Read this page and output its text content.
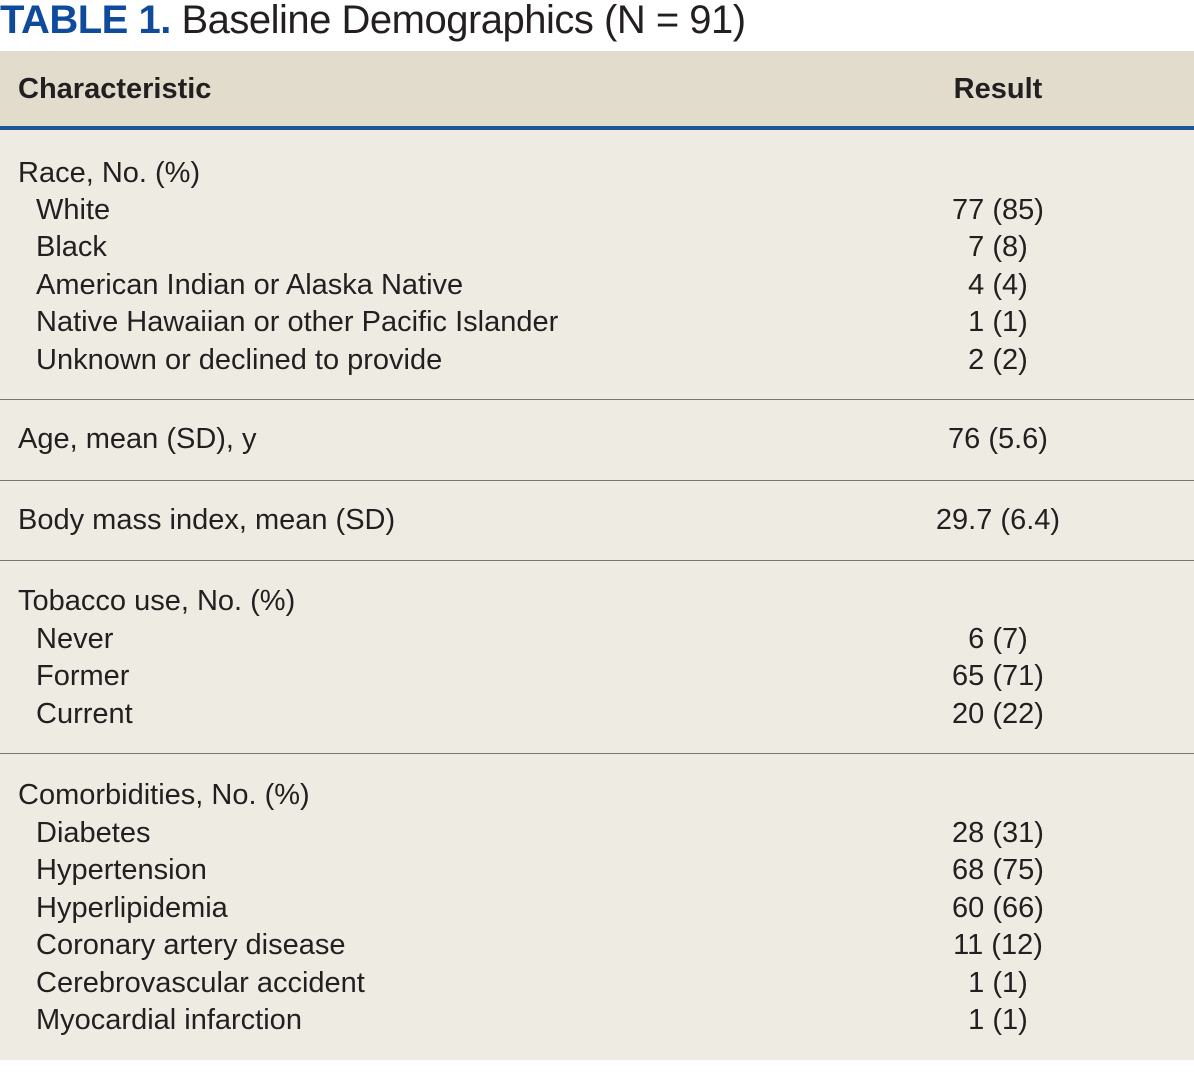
TABLE 1. Baseline Demographics (N = 91)
Characteristic	Result
Race, No. (%)
White	77 (85)
Black	7 (8)
American Indian or Alaska Native	4 (4)
Native Hawaiian or other Pacific Islander	1 (1)
Unknown or declined to provide	2 (2)
Age, mean (SD), y	76 (5.6)
Body mass index, mean (SD)	29.7 (6.4)
Tobacco use, No. (%)
Never	6 (7)
Former	65 (71)
Current	20 (22)
Comorbidities, No. (%)
Diabetes	28 (31)
Hypertension	68 (75)
Hyperlipidemia	60 (66)
Coronary artery disease	11 (12)
Cerebrovascular accident	1 (1)
Myocardial infarction	1 (1)
